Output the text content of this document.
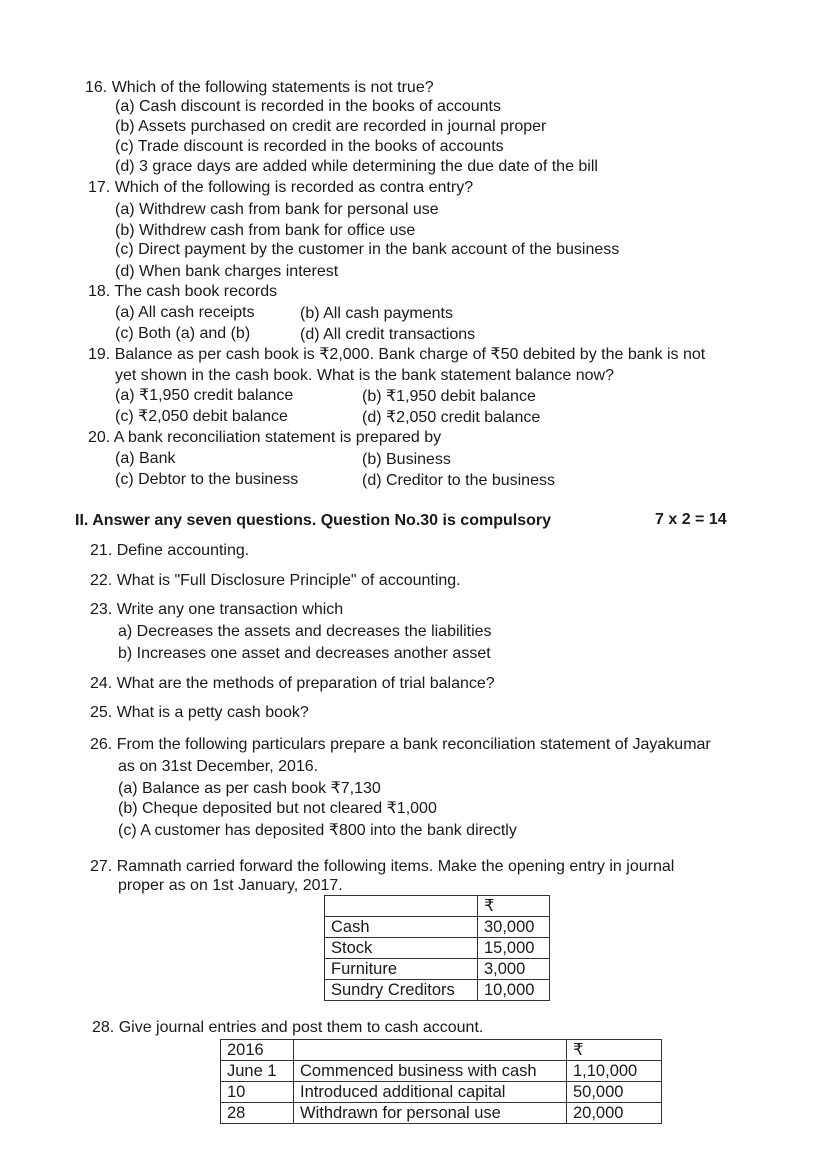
16. Which of the following statements is not true?
(a) Cash discount is recorded in the books of accounts
(b) Assets purchased on credit are recorded in journal proper
(c) Trade discount is recorded in the books of accounts
(d) 3 grace days are added while determining the due date of the bill
17. Which of the following is recorded as contra entry?
(a) Withdrew cash from bank for personal use
(b) Withdrew cash from bank for office use
(c) Direct payment by the customer in the bank account of the business
(d) When bank charges interest
18. The cash book records
(a) All cash receipts	(b) All cash payments
(c) Both (a) and (b)	(d) All credit transactions
19. Balance as per cash book is ₹2,000. Bank charge of ₹50 debited by the bank is not
yet shown in the cash book. What is the bank statement balance now?
(a) ₹1,950 credit balance	(b) ₹1,950 debit balance
(c) ₹2,050 debit balance	(d) ₹2,050 credit balance
20. A bank reconciliation statement is prepared by
(a) Bank	(b) Business
(c) Debtor to the business	(d) Creditor to the business
II. Answer any seven questions. Question No.30 is compulsory	7 x 2 = 14
21. Define accounting.
22. What is "Full Disclosure Principle" of accounting.
23. Write any one transaction which
a) Decreases the assets and decreases the liabilities
b) Increases one asset and decreases another asset
24. What are the methods of preparation of trial balance?
25. What is a petty cash book?
26. From the following particulars prepare a bank reconciliation statement of Jayakumar
as on 31st December, 2016.
(a) Balance as per cash book ₹7,130
(b) Cheque deposited but not cleared ₹1,000
(c) A customer has deposited ₹800 into the bank directly
27. Ramnath carried forward the following items. Make the opening entry in journal
proper as on 1st January, 2017.
	₹
Cash	30,000
Stock	15,000
Furniture	3,000
Sundry Creditors	10,000
28. Give journal entries and post them to cash account.
2016		₹
June 1	Commenced business with cash	1,10,000
10	Introduced additional capital	50,000
28	Withdrawn for personal use	20,000
